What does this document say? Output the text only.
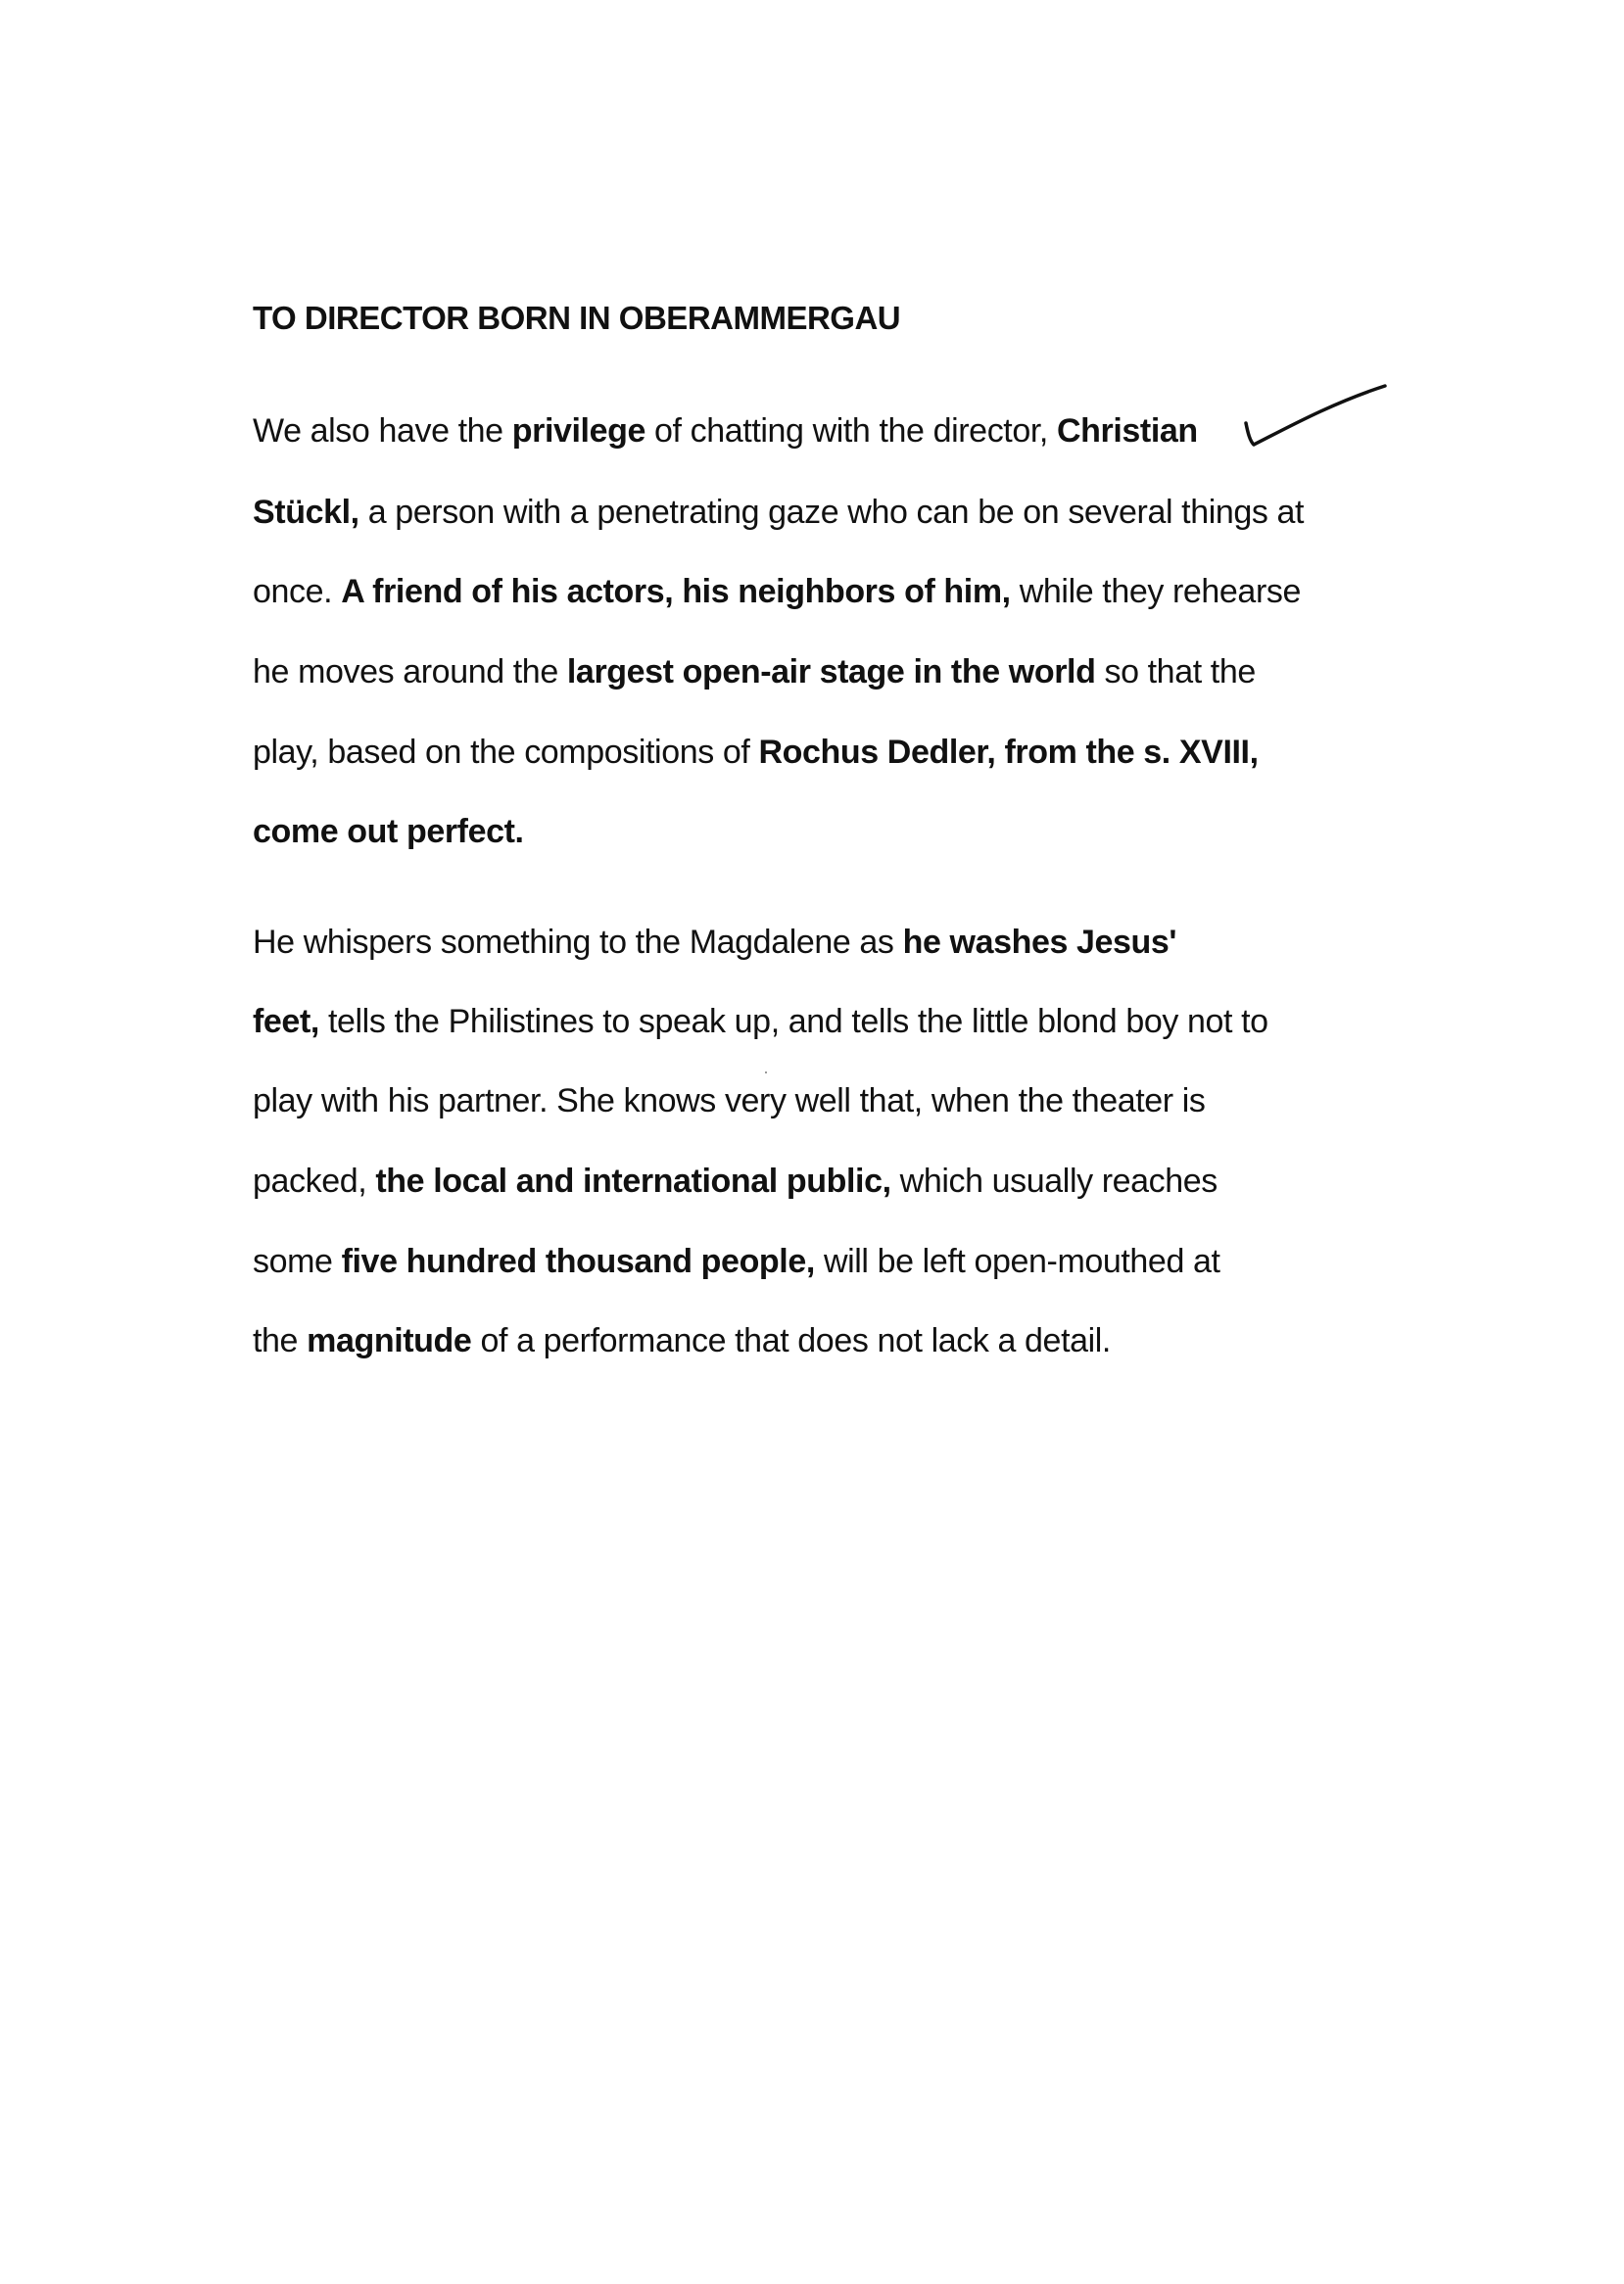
TO DIRECTOR BORN IN OBERAMMERGAU
We also have the privilege of chatting with the director, Christian
Stückl, a person with a penetrating gaze who can be on several things at
once. A friend of his actors, his neighbors of him, while they rehearse
he moves around the largest open-air stage in the world so that the
play, based on the compositions of Rochus Dedler, from the s. XVIII,
come out perfect.
He whispers something to the Magdalene as he washes Jesus'
feet, tells the Philistines to speak up, and tells the little blond boy not to
play with his partner. She knows very well that, when the theater is
packed, the local and international public, which usually reaches
some five hundred thousand people, will be left open-mouthed at
the magnitude of a performance that does not lack a detail.
